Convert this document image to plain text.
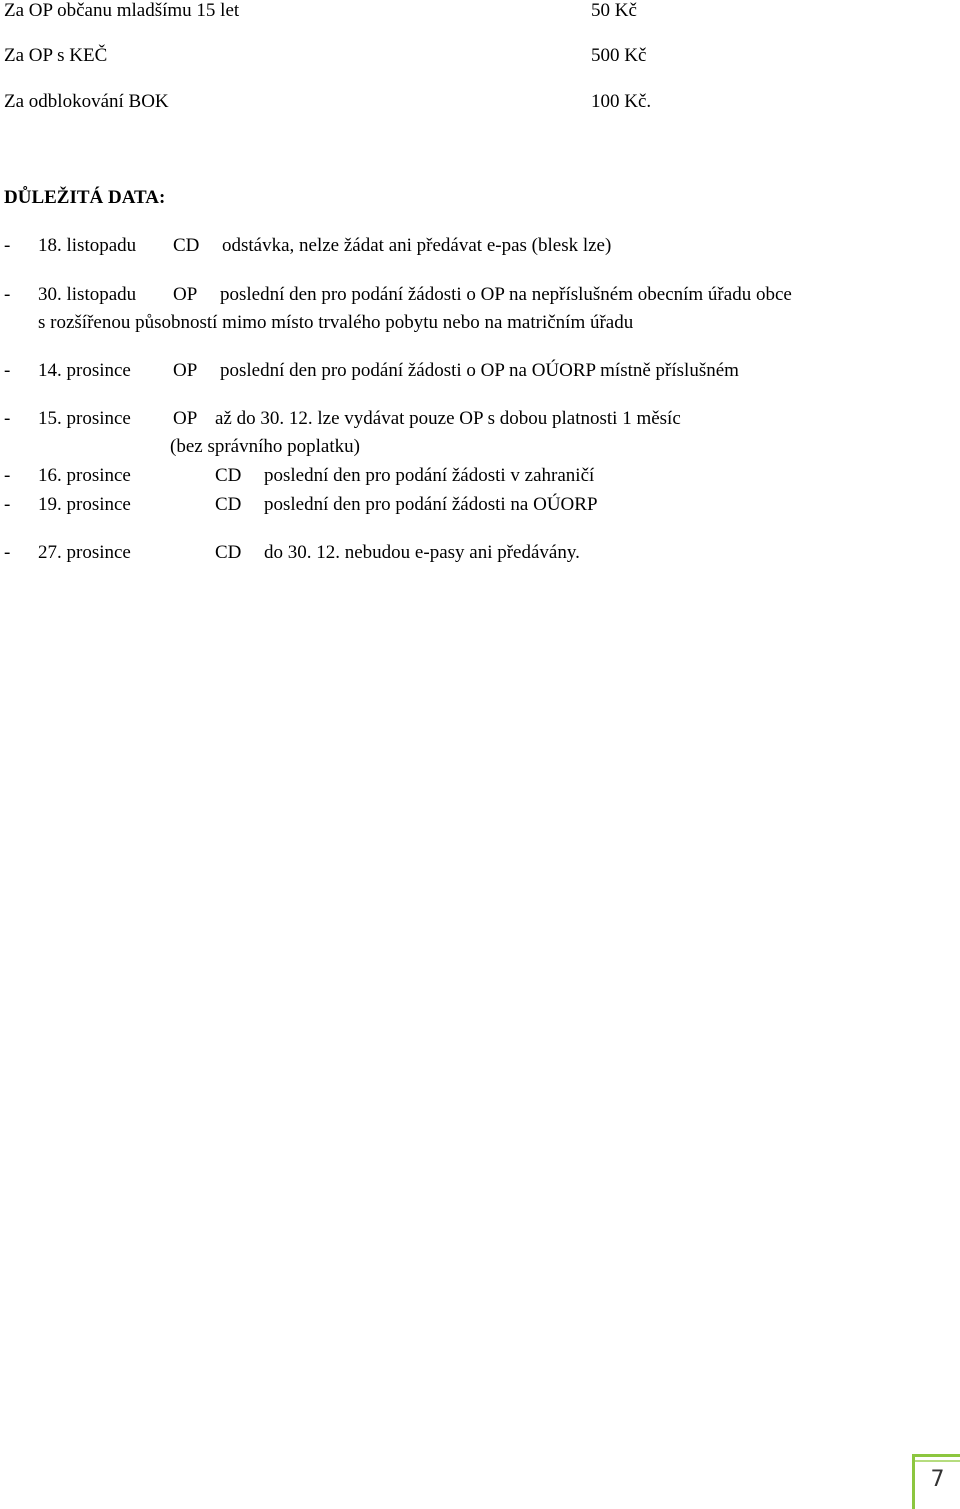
Za OP občanu mladšímu 15 let	50 Kč
Za OP s KEČ	500 Kč
Za odblokování BOK	100 Kč.
DŮLEŽITÁ DATA:
- 18. listopadu CD odstávka, nelze žádat ani předávat e-pas (blesk lze)
- 30. listopadu OP poslední den pro podání žádosti o OP na nepříslušném obecním úřadu obce
s rozšířenou působností mimo místo trvalého pobytu nebo na matričním úřadu
- 14. prosince OP poslední den pro podání žádosti o OP na OÚORP místně příslušném
- 15. prosince OP až do 30. 12. lze vydávat pouze OP s dobou platnosti 1 měsíc
(bez správního poplatku)
- 16. prosince	CD poslední den pro podání žádosti v zahraničí
- 19. prosince	CD poslední den pro podání žádosti na OÚORP
- 27. prosince	CD do 30. 12. nebudou e-pasy ani předávány.
7
